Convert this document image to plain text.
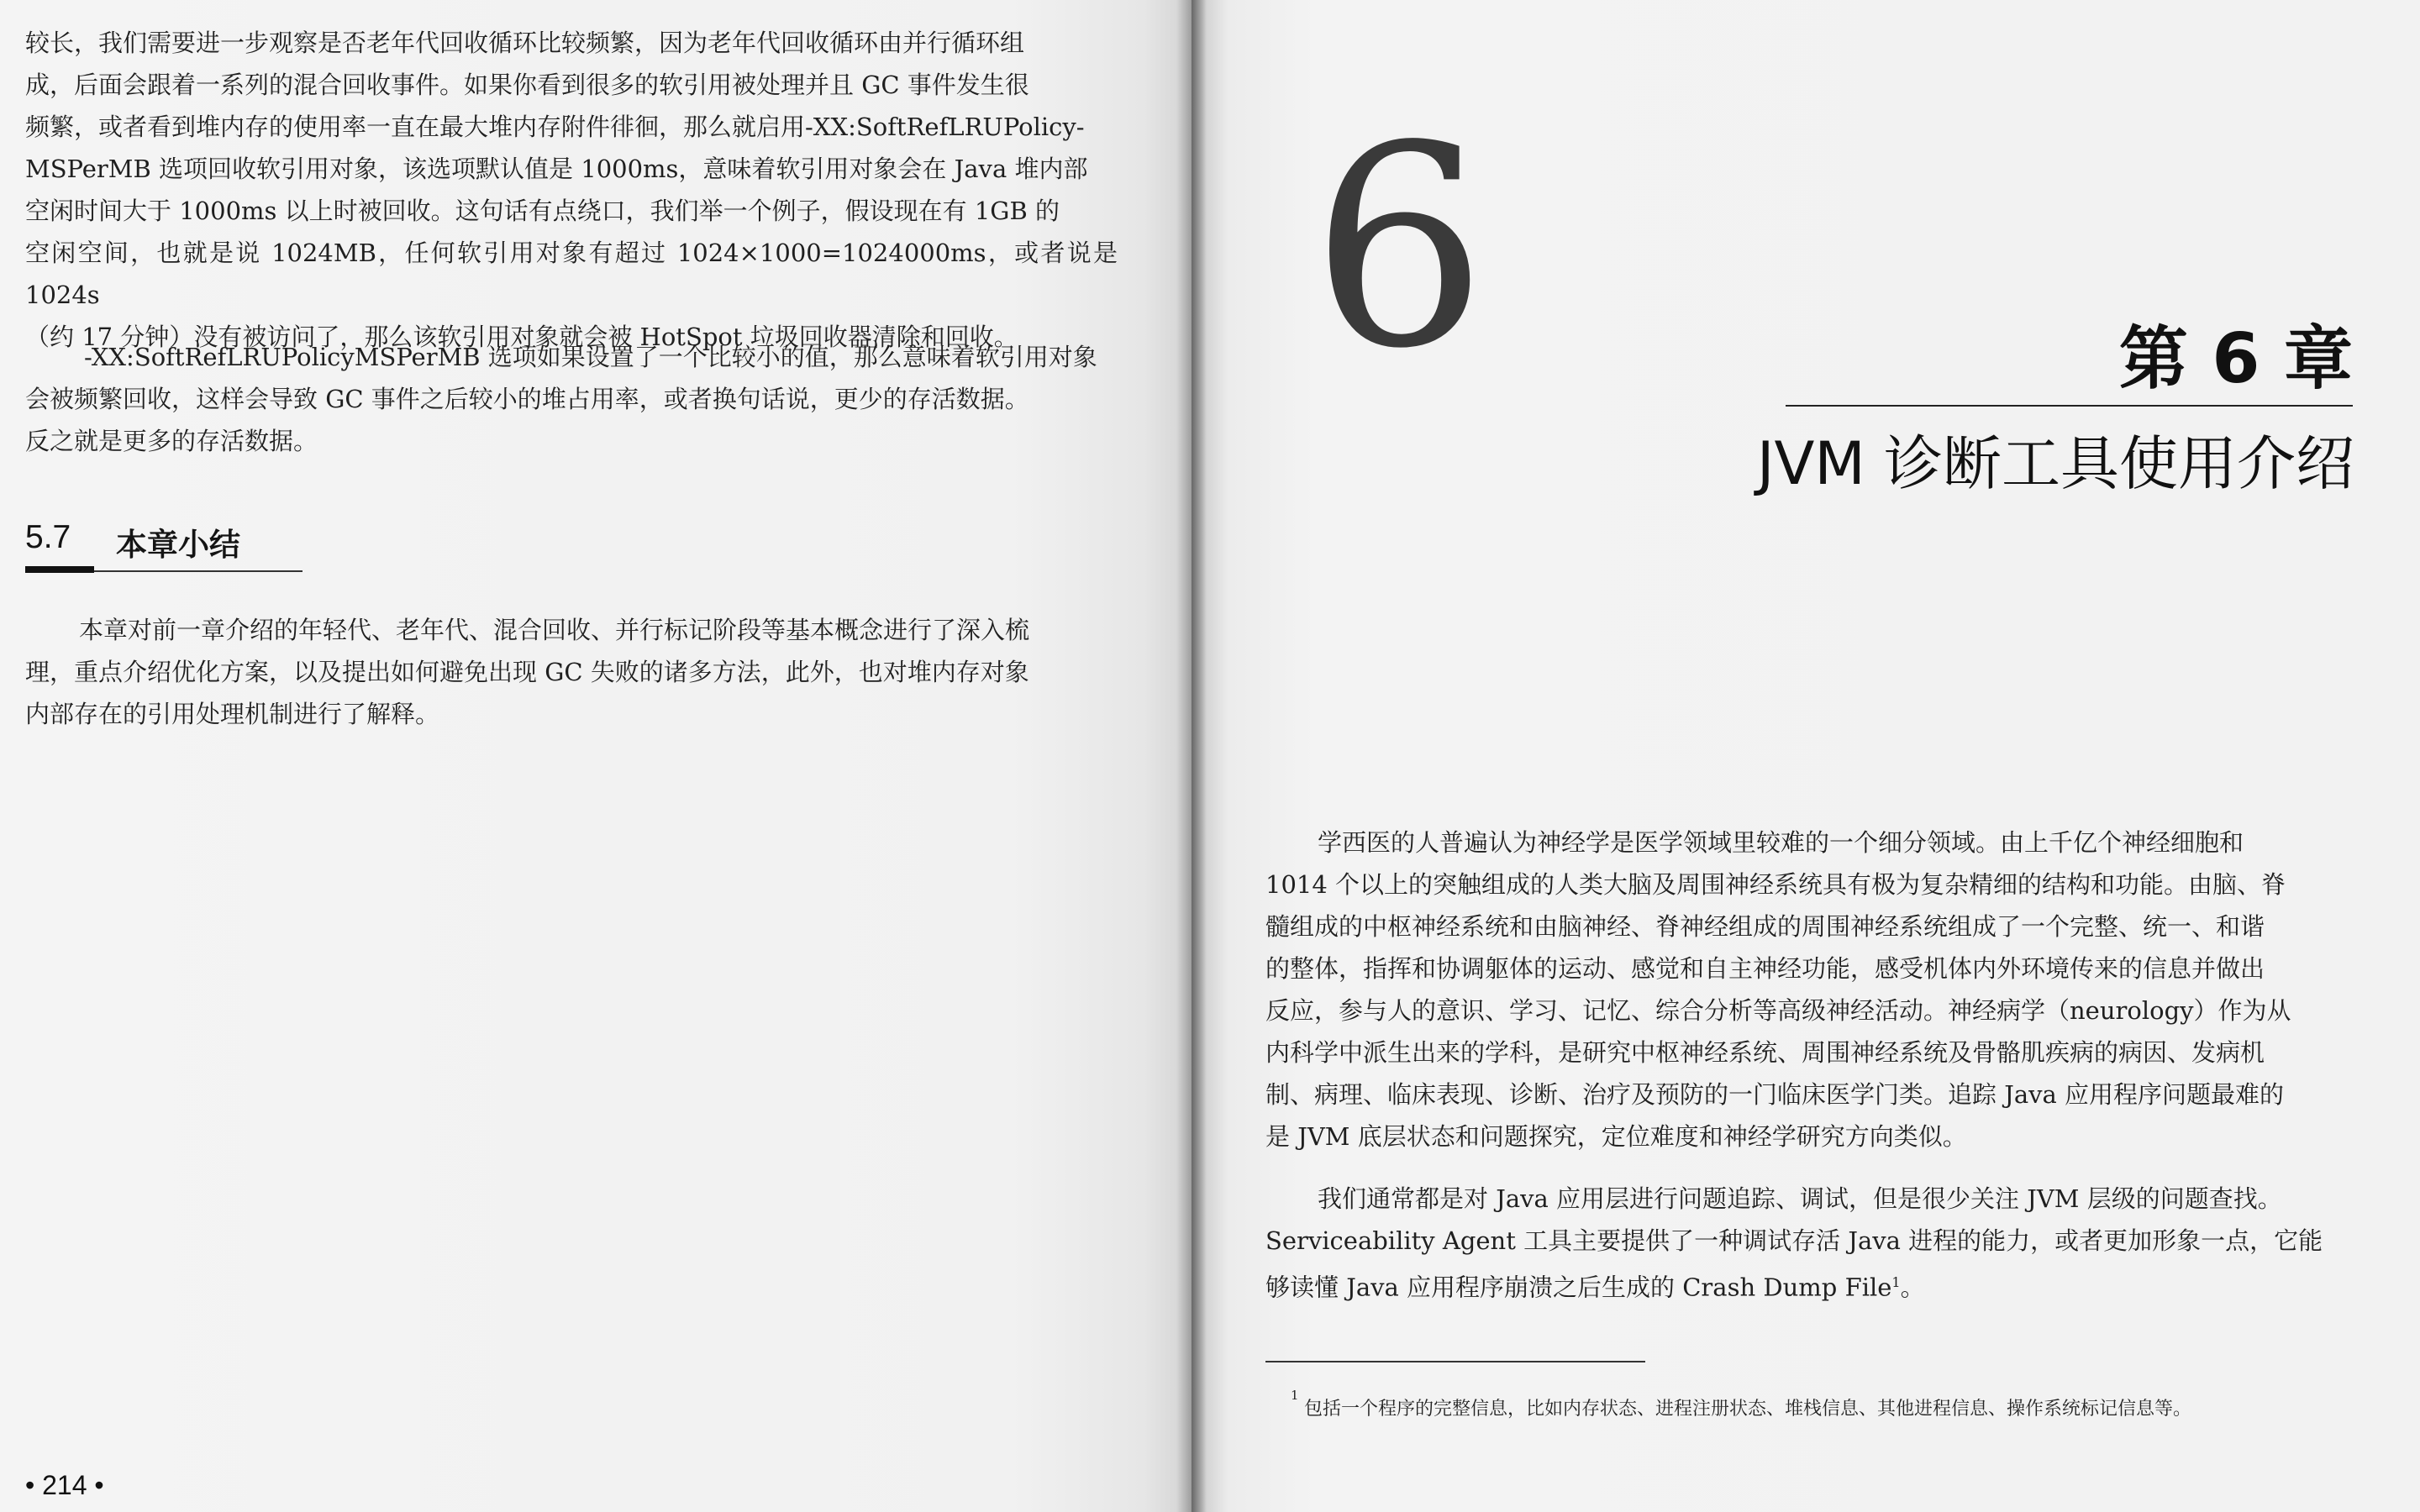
较长，我们需要进一步观察是否老年代回收循环比较频繁，因为老年代回收循环由并行循环组
成，后面会跟着一系列的混合回收事件。如果你看到很多的软引用被处理并且 GC 事件发生很
频繁，或者看到堆内存的使用率一直在最大堆内存附件徘徊，那么就启用-XX:SoftRefLRUPolicy-
MSPerMB 选项回收软引用对象，该选项默认值是 1000ms，意味着软引用对象会在 Java 堆内部
空闲时间大于 1000ms 以上时被回收。这句话有点绕口，我们举一个例子，假设现在有 1GB 的
空闲空间，也就是说 1024MB，任何软引用对象有超过 1024×1000=1024000ms，或者说是 1024s
（约 17 分钟）没有被访问了，那么该软引用对象就会被 HotSpot 垃圾回收器清除和回收。

-XX:SoftRefLRUPolicyMSPerMB 选项如果设置了一个比较小的值，那么意味着软引用对象
会被频繁回收，这样会导致 GC 事件之后较小的堆占用率，或者换句话说，更少的存活数据。
反之就是更多的存活数据。

5.7 本章小结

本章对前一章介绍的年轻代、老年代、混合回收、并行标记阶段等基本概念进行了深入梳
理，重点介绍优化方案，以及提出如何避免出现 GC 失败的诸多方法，此外，也对堆内存对象
内部存在的引用处理机制进行了解释。

• 214 •
6	第 6 章
JVM 诊断工具使用介绍

学西医的人普遍认为神经学是医学领域里较难的一个细分领域。由上千亿个神经细胞和
1014 个以上的突触组成的人类大脑及周围神经系统具有极为复杂精细的结构和功能。由脑、脊
髓组成的中枢神经系统和由脑神经、脊神经组成的周围神经系统组成了一个完整、统一、和谐
的整体，指挥和协调躯体的运动、感觉和自主神经功能，感受机体内外环境传来的信息并做出
反应，参与人的意识、学习、记忆、综合分析等高级神经活动。神经病学（neurology）作为从
内科学中派生出来的学科，是研究中枢神经系统、周围神经系统及骨骼肌疾病的病因、发病机
制、病理、临床表现、诊断、治疗及预防的一门临床医学门类。追踪 Java 应用程序问题最难的
是 JVM 底层状态和问题探究，定位难度和神经学研究方向类似。

我们通常都是对 Java 应用层进行问题追踪、调试，但是很少关注 JVM 层级的问题查找。
Serviceability Agent 工具主要提供了一种调试存活 Java 进程的能力，或者更加形象一点，它能
够读懂 Java 应用程序崩溃之后生成的 Crash Dump File$^1$。

1
包括一个程序的完整信息，比如内存状态、进程注册状态、堆栈信息、其他进程信息、操作系统标记信息等。
